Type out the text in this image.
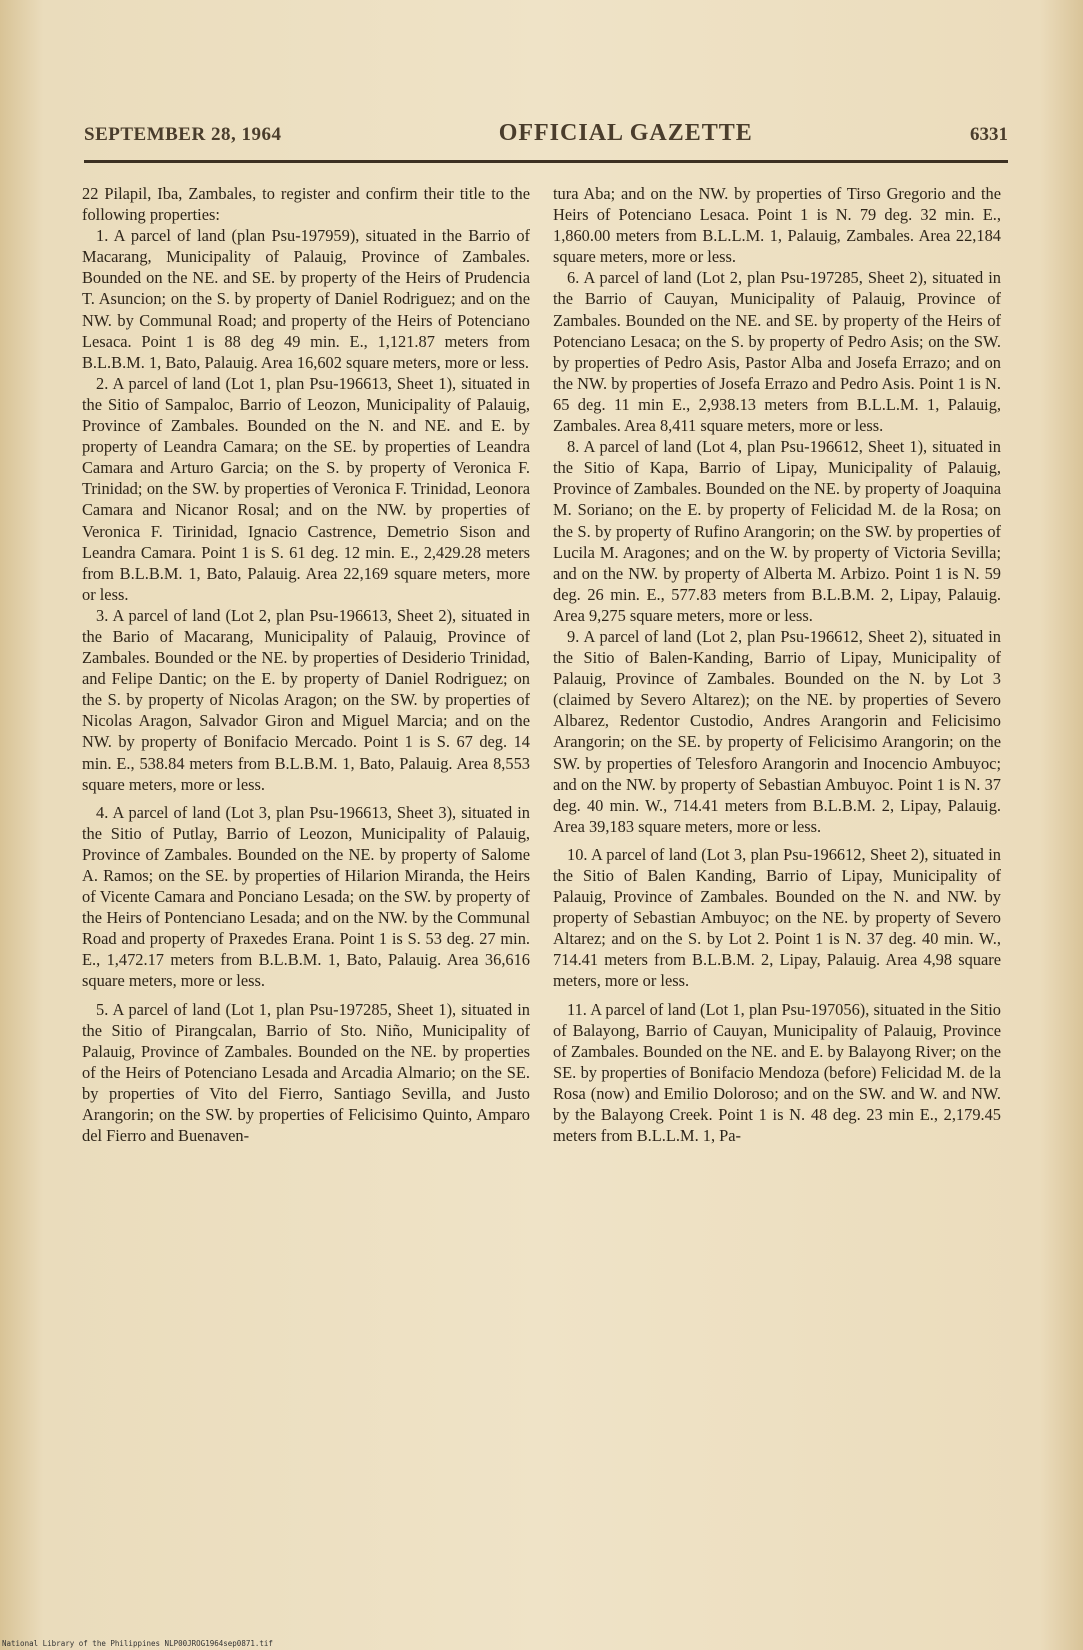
SEPTEMBER 28, 1964	OFFICIAL GAZETTE	6331

22 Pilapil, Iba, Zambales, to register and confirm their title to the following properties:

1. A parcel of land (plan Psu-197959), situated in the Barrio of Macarang, Municipality of Palauig, Province of Zambales. Bounded on the NE. and SE. by property of the Heirs of Prudencia T. Asuncion; on the S. by property of Daniel Rodriguez; and on the NW. by Communal Road; and property of the Heirs of Potenciano Lesaca. Point 1 is 88 deg 49 min. E., 1,121.87 meters from B.L.B.M. 1, Bato, Palauig. Area 16,602 square meters, more or less.

2. A parcel of land (Lot 1, plan Psu-196613, Sheet 1), situated in the Sitio of Sampaloc, Barrio of Leozon, Municipality of Palauig, Province of Zambales. Bounded on the N. and NE. and E. by property of Leandra Camara; on the SE. by properties of Leandra Camara and Arturo Garcia; on the S. by property of Veronica F. Trinidad; on the SW. by properties of Veronica F. Trinidad, Leonora Camara and Nicanor Rosal; and on the NW. by properties of Veronica F. Tirinidad, Ignacio Castrence, Demetrio Sison and Leandra Camara. Point 1 is S. 61 deg. 12 min. E., 2,429.28 meters from B.L.B.M. 1, Bato, Palauig. Area 22,169 square meters, more or less.

3. A parcel of land (Lot 2, plan Psu-196613, Sheet 2), situated in the Bario of Macarang, Municipality of Palauig, Province of Zambales. Bounded or the NE. by properties of Desiderio Trinidad, and Felipe Dantic; on the E. by property of Daniel Rodriguez; on the S. by property of Nicolas Aragon; on the SW. by properties of Nicolas Aragon, Salvador Giron and Miguel Marcia; and on the NW. by property of Bonifacio Mercado. Point 1 is S. 67 deg. 14 min. E., 538.84 meters from B.L.B.M. 1, Bato, Palauig. Area 8,553 square meters, more or less.

4. A parcel of land (Lot 3, plan Psu-196613, Sheet 3), situated in the Sitio of Putlay, Barrio of Leozon, Municipality of Palauig, Province of Zambales. Bounded on the NE. by property of Salome A. Ramos; on the SE. by properties of Hilarion Miranda, the Heirs of Vicente Camara and Ponciano Lesada; on the SW. by property of the Heirs of Pontenciano Lesada; and on the NW. by the Communal Road and property of Praxedes Erana. Point 1 is S. 53 deg. 27 min. E., 1,472.17 meters from B.L.B.M. 1, Bato, Palauig. Area 36,616 square meters, more or less.

5. A parcel of land (Lot 1, plan Psu-197285, Sheet 1), situated in the Sitio of Pirangcalan, Barrio of Sto. Niño, Municipality of Palauig, Province of Zambales. Bounded on the NE. by properties of the Heirs of Potenciano Lesada and Arcadia Almario; on the SE. by properties of Vito del Fierro, Santiago Sevilla, and Justo Arangorin; on the SW. by properties of Felicisimo Quinto, Amparo del Fierro and Buenaven-

tura Aba; and on the NW. by properties of Tirso Gregorio and the Heirs of Potenciano Lesaca. Point 1 is N. 79 deg. 32 min. E., 1,860.00 meters from B.L.L.M. 1, Palauig, Zambales. Area 22,184 square meters, more or less.

6. A parcel of land (Lot 2, plan Psu-197285, Sheet 2), situated in the Barrio of Cauyan, Municipality of Palauig, Province of Zambales. Bounded on the NE. and SE. by property of the Heirs of Potenciano Lesaca; on the S. by property of Pedro Asis; on the SW. by properties of Pedro Asis, Pastor Alba and Josefa Errazo; and on the NW. by properties of Josefa Errazo and Pedro Asis. Point 1 is N. 65 deg. 11 min E., 2,938.13 meters from B.L.L.M. 1, Palauig, Zambales. Area 8,411 square meters, more or less.

8. A parcel of land (Lot 4, plan Psu-196612, Sheet 1), situated in the Sitio of Kapa, Barrio of Lipay, Municipality of Palauig, Province of Zambales. Bounded on the NE. by property of Joaquina M. Soriano; on the E. by property of Felicidad M. de la Rosa; on the S. by property of Rufino Arangorin; on the SW. by properties of Lucila M. Aragones; and on the W. by property of Victoria Sevilla; and on the NW. by property of Alberta M. Arbizo. Point 1 is N. 59 deg. 26 min. E., 577.83 meters from B.L.B.M. 2, Lipay, Palauig. Area 9,275 square meters, more or less.

9. A parcel of land (Lot 2, plan Psu-196612, Sheet 2), situated in the Sitio of Balen-Kanding, Barrio of Lipay, Municipality of Palauig, Province of Zambales. Bounded on the N. by Lot 3 (claimed by Severo Altarez); on the NE. by properties of Severo Albarez, Redentor Custodio, Andres Arangorin and Felicisimo Arangorin; on the SE. by property of Felicisimo Arangorin; on the SW. by properties of Telesforo Arangorin and Inocencio Ambuyoc; and on the NW. by property of Sebastian Ambuyoc. Point 1 is N. 37 deg. 40 min. W., 714.41 meters from B.L.B.M. 2, Lipay, Palauig. Area 39,183 square meters, more or less.

10. A parcel of land (Lot 3, plan Psu-196612, Sheet 2), situated in the Sitio of Balen Kanding, Barrio of Lipay, Municipality of Palauig, Province of Zambales. Bounded on the N. and NW. by property of Sebastian Ambuyoc; on the NE. by property of Severo Altarez; and on the S. by Lot 2. Point 1 is N. 37 deg. 40 min. W., 714.41 meters from B.L.B.M. 2, Lipay, Palauig. Area 4,98 square meters, more or less.

11. A parcel of land (Lot 1, plan Psu-197056), situated in the Sitio of Balayong, Barrio of Cauyan, Municipality of Palauig, Province of Zambales. Bounded on the NE. and E. by Balayong River; on the SE. by properties of Bonifacio Mendoza (before) Felicidad M. de la Rosa (now) and Emilio Doloroso; and on the SW. and W. and NW. by the Balayong Creek. Point 1 is N. 48 deg. 23 min E., 2,179.45 meters from B.L.L.M. 1, Pa-

National Library of the Philippines NLP00JROG1964sep0871.tif
